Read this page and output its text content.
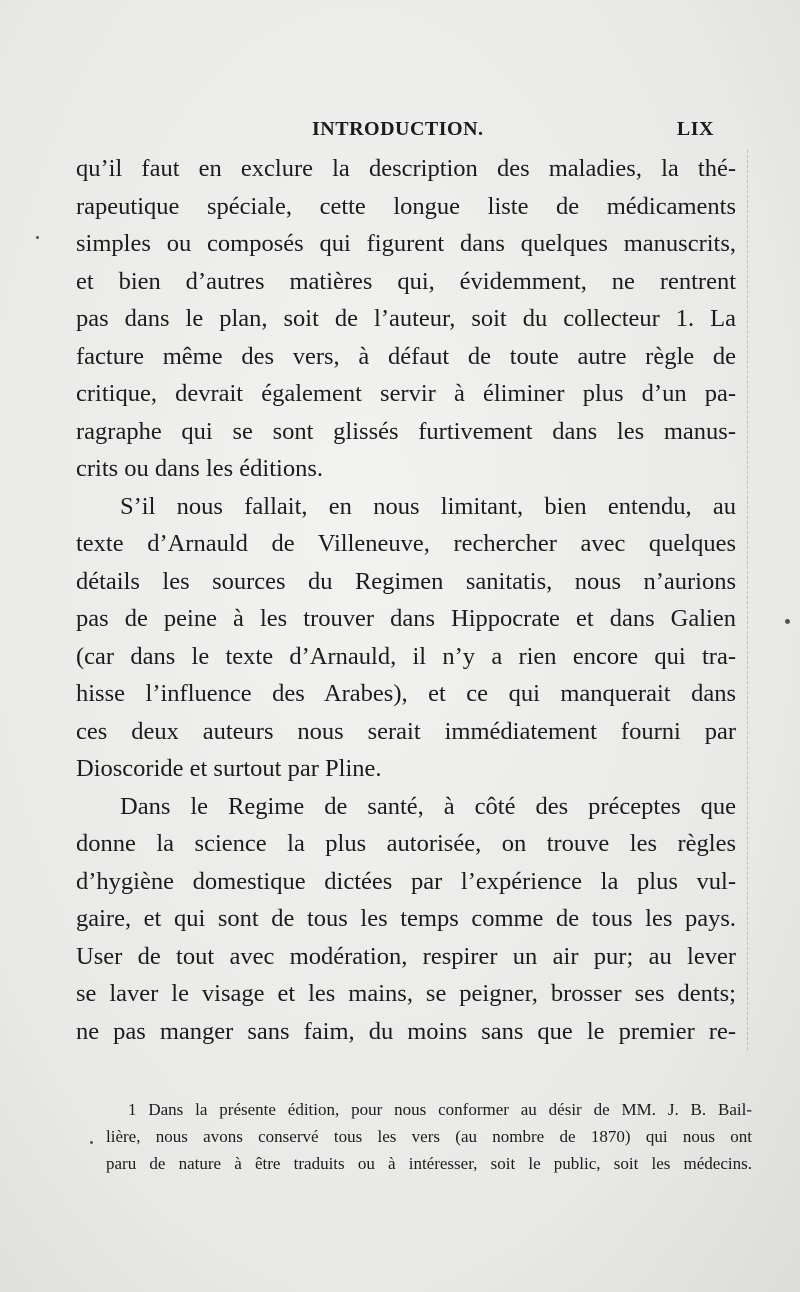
INTRODUCTION.	LIX
qu’il faut en exclure la description des maladies, la thé-
rapeutique spéciale, cette longue liste de médicaments
simples ou composés qui figurent dans quelques manuscrits,
et bien d’autres matières qui, évidemment, ne rentrent
pas dans le plan, soit de l’auteur, soit du collecteur 1. La
facture même des vers, à défaut de toute autre règle de
critique, devrait également servir à éliminer plus d’un pa-
ragraphe qui se sont glissés furtivement dans les manus-
crits ou dans les éditions.
S’il nous fallait, en nous limitant, bien entendu, au
texte d’Arnauld de Villeneuve, rechercher avec quelques
détails les sources du Regimen sanitatis, nous n’aurions
pas de peine à les trouver dans Hippocrate et dans Galien
(car dans le texte d’Arnauld, il n’y a rien encore qui tra-
hisse l’influence des Arabes), et ce qui manquerait dans
ces deux auteurs nous serait immédiatement fourni par
Dioscoride et surtout par Pline.
Dans le Regime de santé, à côté des préceptes que
donne la science la plus autorisée, on trouve les règles
d’hygiène domestique dictées par l’expérience la plus vul-
gaire, et qui sont de tous les temps comme de tous les pays.
User de tout avec modération, respirer un air pur; au lever
se laver le visage et les mains, se peigner, brosser ses dents;
ne pas manger sans faim, du moins sans que le premier re-
1 Dans la présente édition, pour nous conformer au désir de MM. J. B. Bail-
lière, nous avons conservé tous les vers (au nombre de 1870) qui nous ont
paru de nature à être traduits ou à intéresser, soit le public, soit les médecins.
